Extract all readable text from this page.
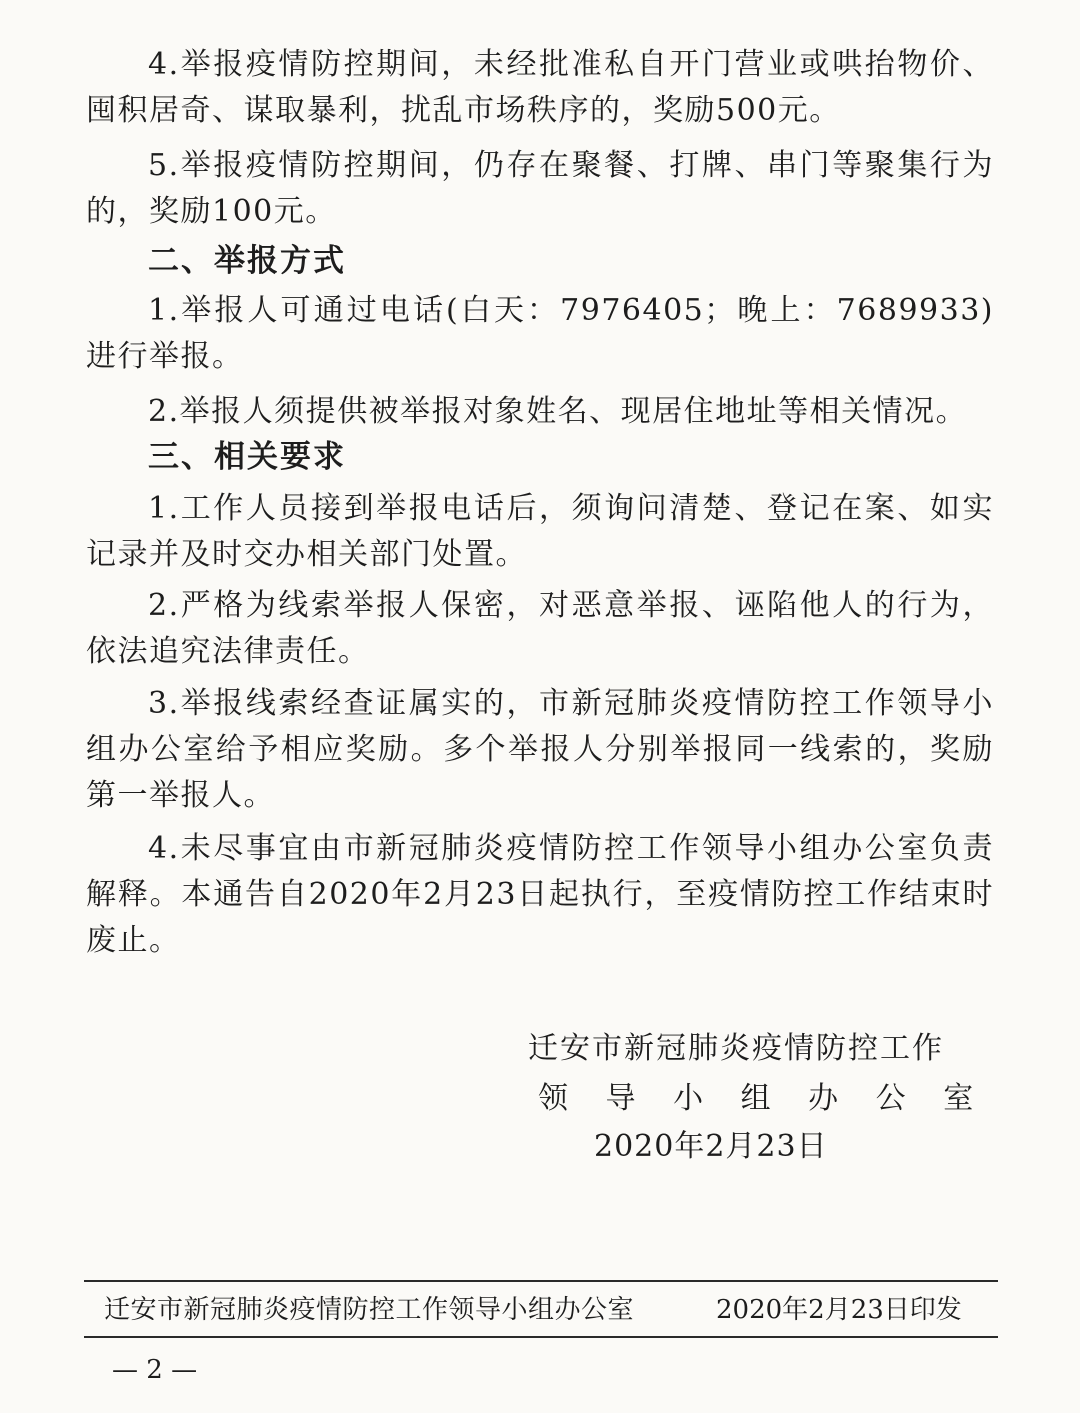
4.举报疫情防控期间，未经批准私自开门营业或哄抬物价、囤积居奇、谋取暴利，扰乱市场秩序的，奖励500元。

5.举报疫情防控期间，仍存在聚餐、打牌、串门等聚集行为的，奖励100元。

二、举报方式

1.举报人可通过电话(白天：7976405；晚上：7689933)进行举报。

2.举报人须提供被举报对象姓名、现居住地址等相关情况。

三、相关要求

1.工作人员接到举报电话后，须询问清楚、登记在案、如实记录并及时交办相关部门处置。

2.严格为线索举报人保密，对恶意举报、诬陷他人的行为，依法追究法律责任。

3.举报线索经查证属实的，市新冠肺炎疫情防控工作领导小组办公室给予相应奖励。多个举报人分别举报同一线索的，奖励第一举报人。

4.未尽事宜由市新冠肺炎疫情防控工作领导小组办公室负责解释。本通告自2020年2月23日起执行，至疫情防控工作结束时废止。

迁安市新冠肺炎疫情防控工作

领 导 小 组 办 公 室

2020年2月23日

迁安市新冠肺炎疫情防控工作领导小组办公室	2020年2月23日印发
— 2 —
